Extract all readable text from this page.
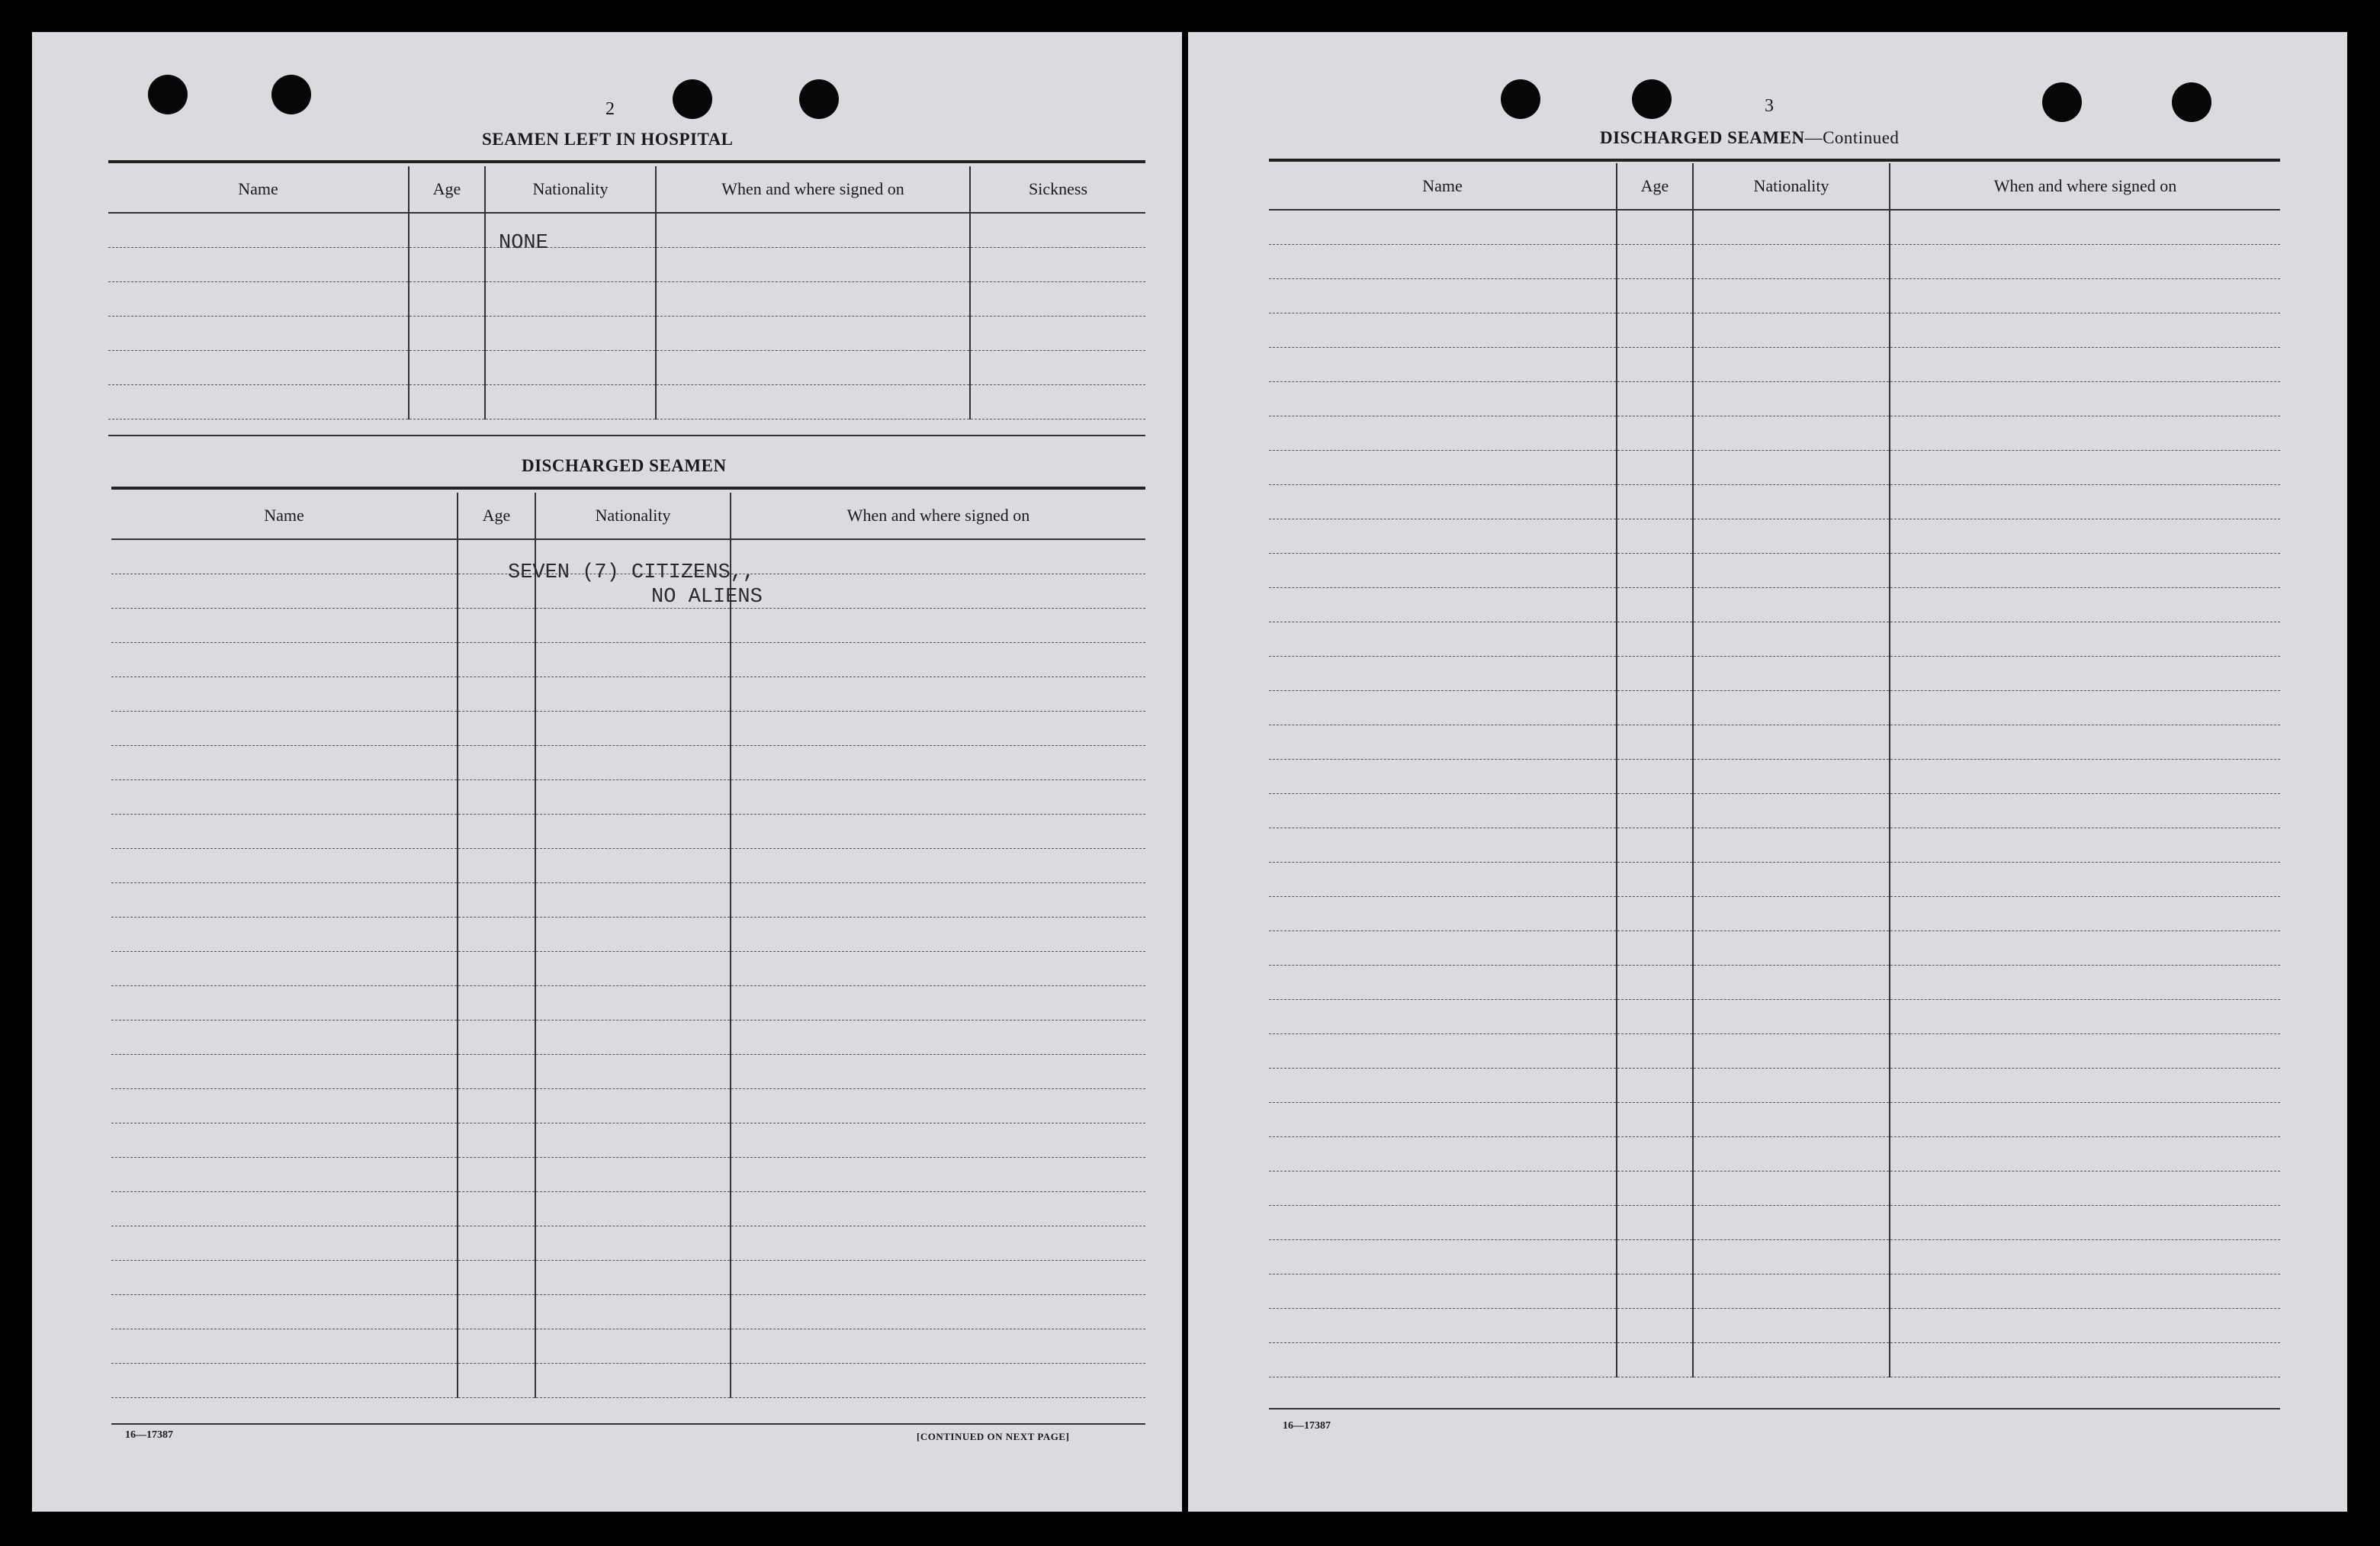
2
SEAMEN LEFT IN HOSPITAL
Name	Age	Nationality	When and where signed on	Sickness

NONE
DISCHARGED SEAMEN
Name	Age	Nationality	When and where signed on

SEVEN (7) CITIZENS,,
NO ALIENS
16—17387	[CONTINUED ON NEXT PAGE]
3
DISCHARGED SEAMEN—Continued
Name	Age	Nationality	When and where signed on

16—17387
